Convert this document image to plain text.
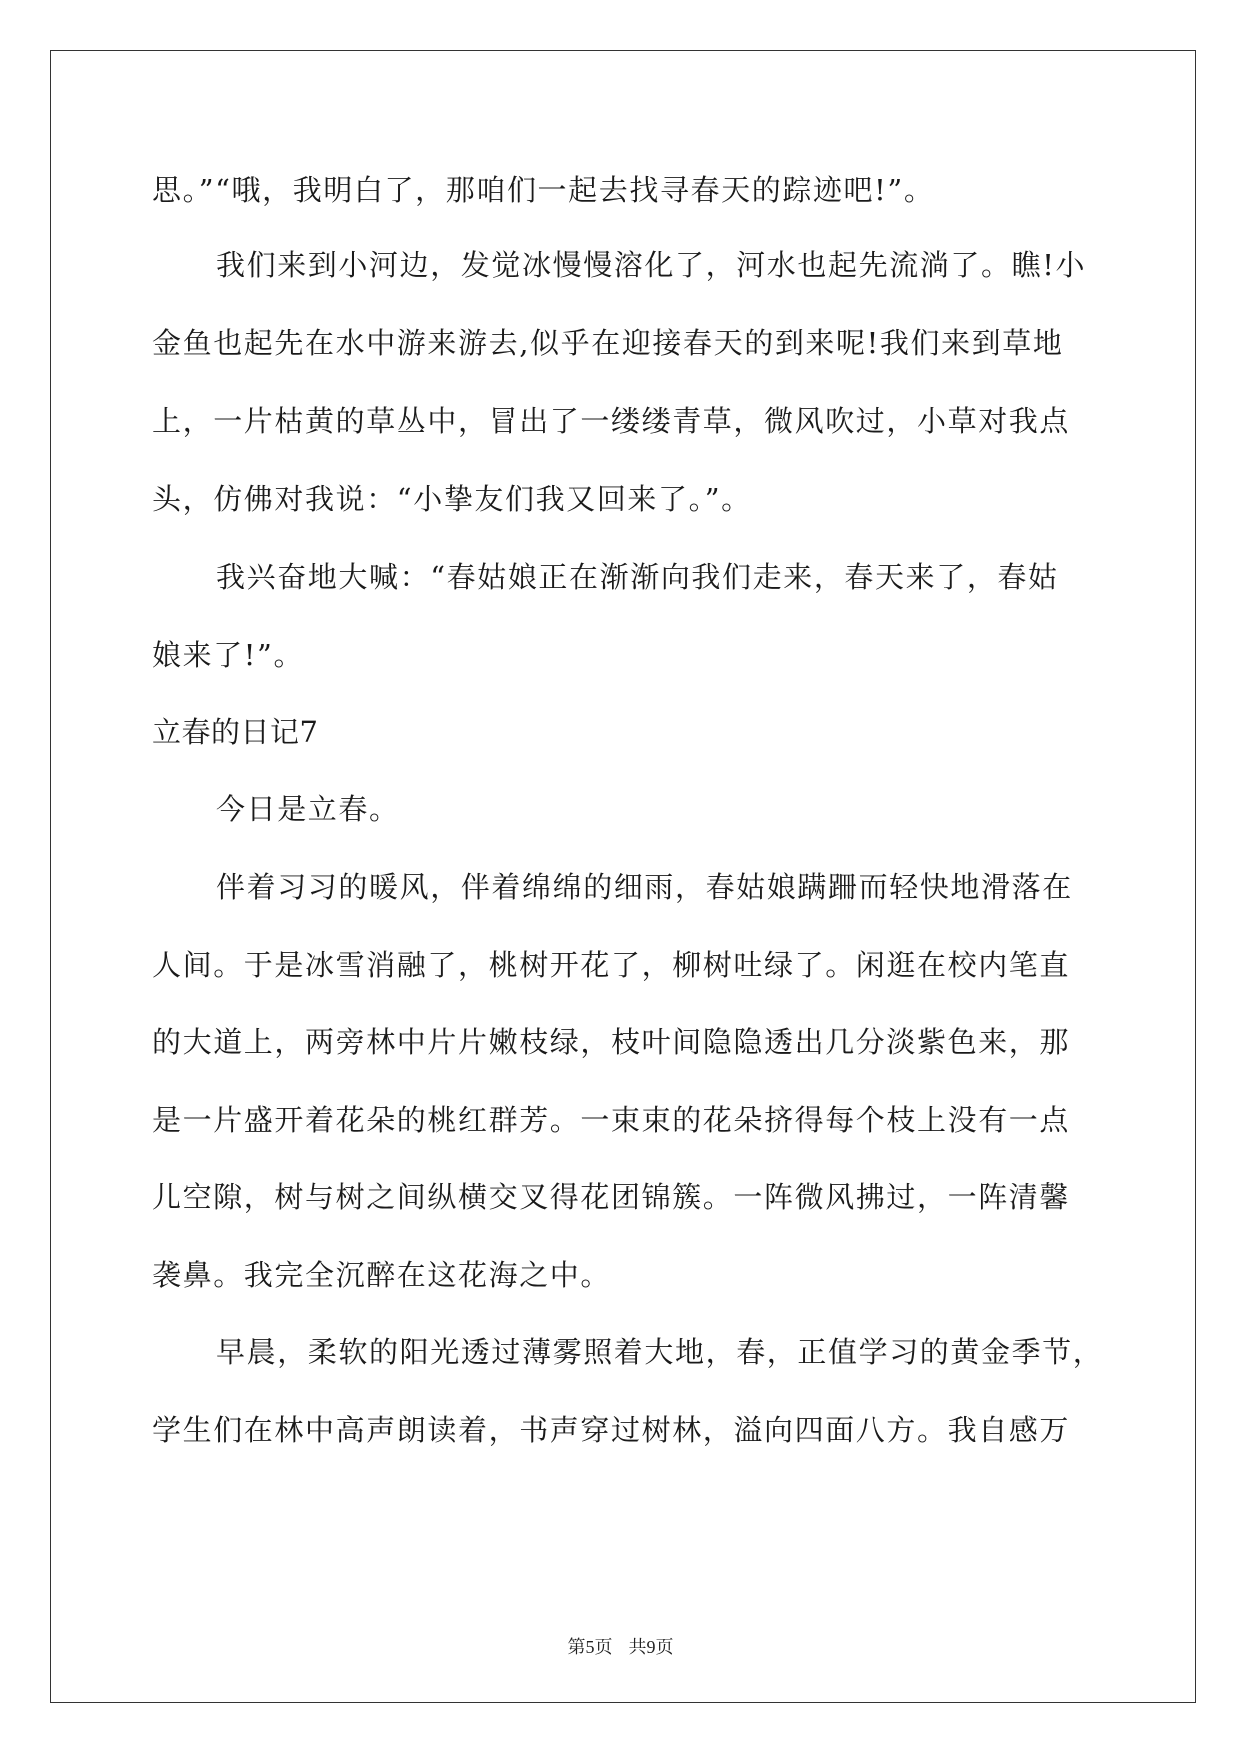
思。”“哦，我明白了，那咱们一起去找寻春天的踪迹吧!”。
我们来到小河边，发觉冰慢慢溶化了，河水也起先流淌了。瞧!小
金鱼也起先在水中游来游去,似乎在迎接春天的到来呢!我们来到草地
上，一片枯黄的草丛中，冒出了一缕缕青草，微风吹过，小草对我点
头，仿佛对我说：“小挚友们我又回来了。”。
我兴奋地大喊：“春姑娘正在渐渐向我们走来，春天来了，春姑
娘来了!”。
立春的日记7
今日是立春。
伴着习习的暖风，伴着绵绵的细雨，春姑娘蹒跚而轻快地滑落在
人间。于是冰雪消融了，桃树开花了，柳树吐绿了。闲逛在校内笔直
的大道上，两旁林中片片嫩枝绿，枝叶间隐隐透出几分淡紫色来，那
是一片盛开着花朵的桃红群芳。一束束的花朵挤得每个枝上没有一点
儿空隙，树与树之间纵横交叉得花团锦簇。一阵微风拂过，一阵清馨
袭鼻。我完全沉醉在这花海之中。
早晨，柔软的阳光透过薄雾照着大地，春，正值学习的黄金季节，
学生们在林中高声朗读着，书声穿过树林，溢向四面八方。我自感万
第5页 共9页
